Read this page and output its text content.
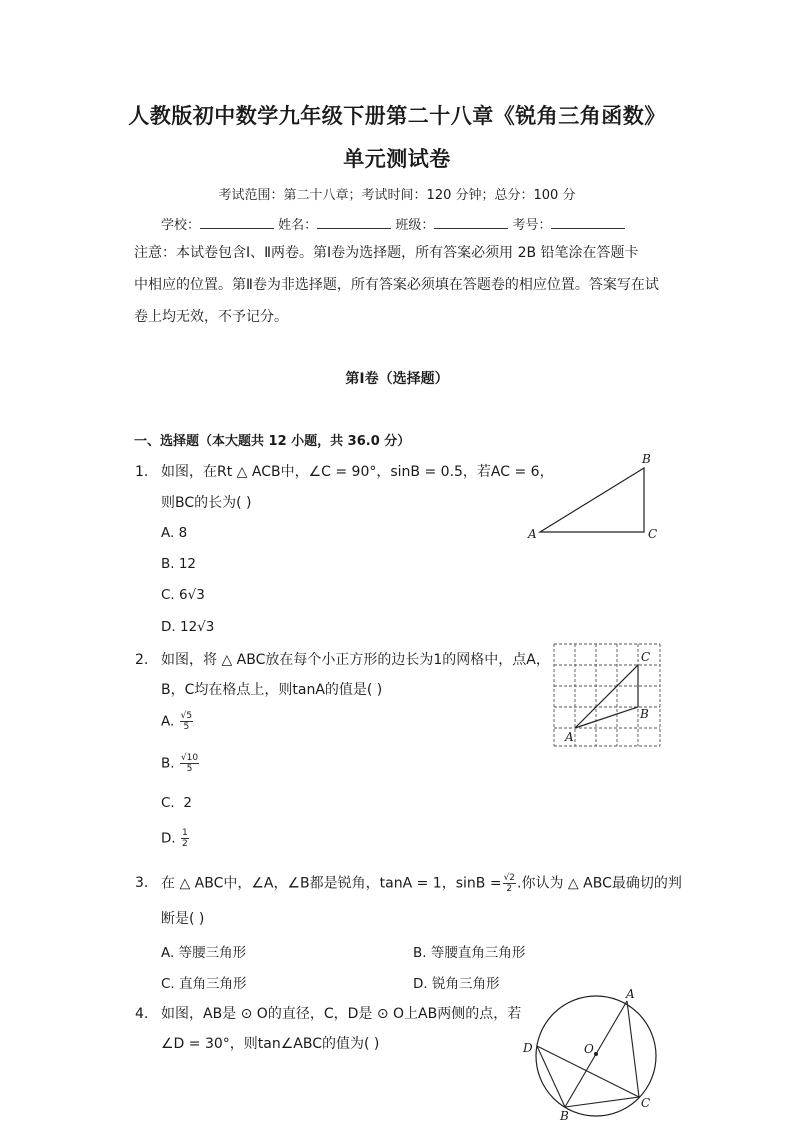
人教版初中数学九年级下册第二十八章《锐角三角函数》
单元测试卷
考试范围：第二十八章；考试时间：120 分钟；总分：100 分
学校：	姓名：	班级：	考号：
注意：本试卷包含Ⅰ、Ⅱ两卷。第Ⅰ卷为选择题，所有答案必须用 2B 铅笔涂在答题卡
中相应的位置。第Ⅱ卷为非选择题，所有答案必须填在答题卷的相应位置。答案写在试
卷上均无效，不予记分。
第Ⅰ卷（选择题）
一、选择题（本大题共 12 小题，共 36.0 分）
1. 如图，在Rt △ ACB中，∠C = 90°，sinB = 0.5，若AC = 6，
则BC的长为( )
A. 8
B. 12
C. 6√3
D. 12√3
A
B
C
2. 如图，将 △ ABC放在每个小正方形的边长为1的网格中，点A，
B，C均在格点上，则tanA的值是( )
A. $\frac{√5}{5}$
B. $\frac{√10}{5}$
C. 2
D. $\frac{1}{2}$
A
B
C
3. 在 △ ABC中，∠A，∠B都是锐角，tanA = 1，$\sin B = \frac{√2}{2}$ .你认为 △ ABC最确切的判
断是( )
A. 等腰三角形	B. 等腰直角三角形
C. 直角三角形	D. 锐角三角形
4. 如图，AB是 ⊙ O的直径，C，D是 ⊙ O上AB两侧的点，若
∠D = 30°，则tan∠ABC的值为( )
A
B
C
D	O
